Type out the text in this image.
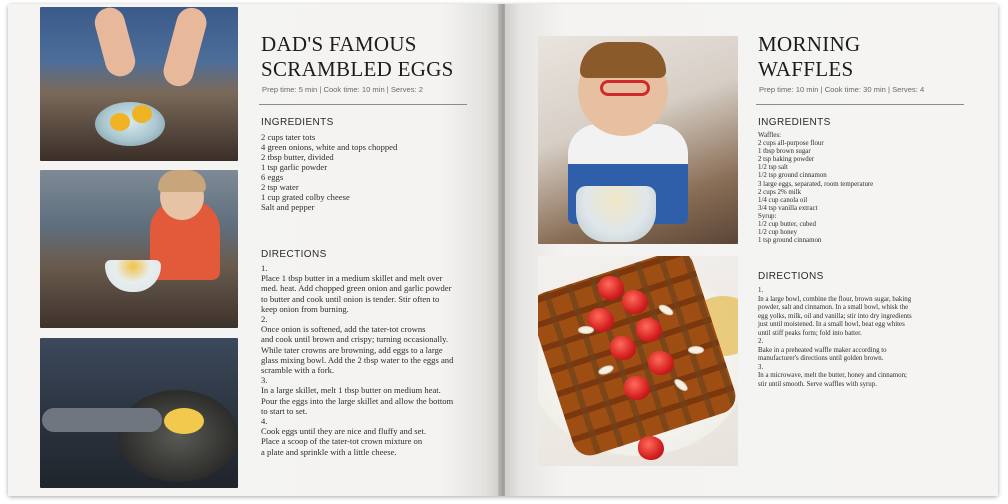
DAD'S FAMOUS
SCRAMBLED EGGS
Prep time: 5 min | Cook time: 10 min | Serves: 2
INGREDIENTS
2 cups tater tots
4 green onions, white and tops chopped
2 tbsp butter, divided
1 tsp garlic powder
6 eggs
2 tsp water
1 cup grated colby cheese
Salt and pepper
DIRECTIONS
1.
Place 1 tbsp butter in a medium skillet and melt over
med. heat. Add chopped green onion and garlic powder
to butter and cook until onion is tender. Stir often to
keep onion from burning.
2.
Once onion is softened, add the tater-tot crowns
and cook until brown and crispy; turning occasionally.
While tater crowns are browning, add eggs to a large
glass mixing bowl. Add the 2 tbsp water to the eggs and
scramble with a fork.
3.
In a large skillet, melt 1 tbsp butter on medium heat.
Pour the eggs into the large skillet and allow the bottom
to start to set.
4.
Cook eggs until they are nice and fluffy and set.
Place a scoop of the tater-tot crown mixture on
a plate and sprinkle with a little cheese.
MORNING
WAFFLES
Prep time: 10 min | Cook time: 30 min | Serves: 4
INGREDIENTS
Waffles:
2 cups all-purpose flour
1 tbsp brown sugar
2 tsp baking powder
1/2 tsp salt
1/2 tsp ground cinnamon
3 large eggs, separated, room temperature
2 cups 2% milk
1/4 cup canola oil
3/4 tsp vanilla extract
Syrup:
1/2 cup butter, cubed
1/2 cup honey
1 tsp ground cinnamon
DIRECTIONS
1.
In a large bowl, combine the flour, brown sugar, baking
powder, salt and cinnamon. In a small bowl, whisk the
egg yolks, milk, oil and vanilla; stir into dry ingredients
just until moistened. In a small bowl, beat egg whites
until stiff peaks form; fold into batter.
2.
Bake in a preheated waffle maker according to
manufacturer's directions until golden brown.
3.
In a microwave, melt the butter, honey and cinnamon;
stir until smooth. Serve waffles with syrup.
